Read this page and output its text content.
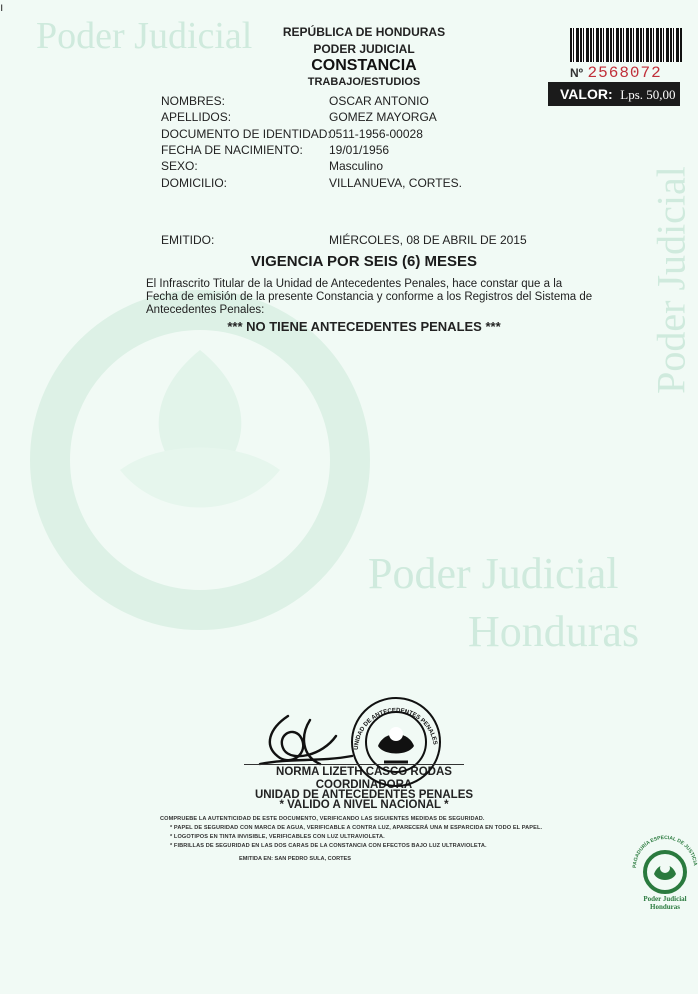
Poder Judicial
Poder Judicial
Poder Judicial
Honduras
ı
REPÚBLICA DE HONDURAS
PODER JUDICIAL
CONSTANCIA
TRABAJO/ESTUDIOS
Nº 2568072
VALOR: Lps. 50,00
NOMBRES:	OSCAR ANTONIO
APELLIDOS:	GOMEZ MAYORGA
DOCUMENTO DE IDENTIDAD:
0511-1956-00028
FECHA DE NACIMIENTO: 19/01/1956
SEXO:	Masculino
DOMICILIO:	VILLANUEVA, CORTES.
EMITIDO:	MIÉRCOLES, 08 DE ABRIL DE 2015
VIGENCIA POR SEIS (6) MESES
El Infrascrito Titular de la Unidad de Antecedentes Penales, hace constar que a la Fecha de emisión de la presente Constancia y conforme a los Registros del Sistema de Antecedentes Penales:
*** NO TIENE ANTECEDENTES PENALES ***
UNIDAD DE ANTECEDENTES PENALES
NORMA LIZETH CASCO RODAS
COORDINADORA
UNIDAD DE ANTECEDENTES PENALES
* VALIDO A NIVEL NACIONAL *
COMPRUEBE LA AUTENTICIDAD DE ESTE DOCUMENTO, VERIFICANDO LAS SIGUIENTES MEDIDAS DE SEGURIDAD.
* PAPEL DE SEGURIDAD CON MARCA DE AGUA, VERIFICABLE A CONTRA LUZ, APARECERÁ UNA M ESPARCIDA EN TODO EL PAPEL.
* LOGOTIPOS EN TINTA INVISIBLE, VERIFICABLES CON LUZ ULTRAVIOLETA.
* FIBRILLAS DE SEGURIDAD EN LAS DOS CARAS DE LA CONSTANCIA CON EFECTOS BAJO LUZ ULTRAVIOLETA.
EMITIDA EN: SAN PEDRO SULA, CORTES
PAGADURÍA ESPECIAL DE JUSTICIA
Poder Judicial
Honduras
